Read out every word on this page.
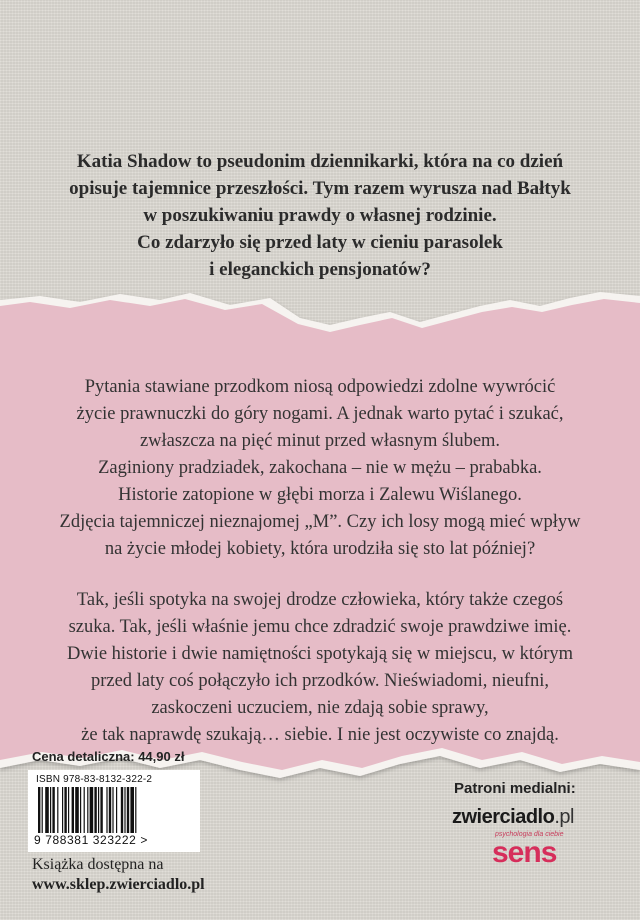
Katia Shadow to pseudonim dziennikarki, która na co dzień
opisuje tajemnice przeszłości. Tym razem wyrusza nad Bałtyk
w poszukiwaniu prawdy o własnej rodzinie.
Co zdarzyło się przed laty w cieniu parasolek
i eleganckich pensjonatów?

Pytania stawiane przodkom niosą odpowiedzi zdolne wywrócić
życie prawnuczki do góry nogami. A jednak warto pytać i szukać,
zwłaszcza na pięć minut przed własnym ślubem.
Zaginiony pradziadek, zakochana – nie w mężu – prababka.
Historie zatopione w głębi morza i Zalewu Wiślanego.
Zdjęcia tajemniczej nieznajomej „M”. Czy ich losy mogą mieć wpływ
na życie młodej kobiety, która urodziła się sto lat później?

Tak, jeśli spotyka na swojej drodze człowieka, który także czegoś
szuka. Tak, jeśli właśnie jemu chce zdradzić swoje prawdziwe imię.
Dwie historie i dwie namiętności spotykają się w miejscu, w którym
przed laty coś połączyło ich przodków. Nieświadomi, nieufni,
zaskoczeni uczuciem, nie zdają sobie sprawy,
że tak naprawdę szukają… siebie. I nie jest oczywiste co znajdą.

Cena detaliczna: 44,90 zł
ISBN 978-83-8132-322-2
9 788381 323222 >
Książka dostępna na
www.sklep.zwierciadlo.pl
Patroni medialni:
zwierciadlo.pl
psychologia dla ciebie
sens
